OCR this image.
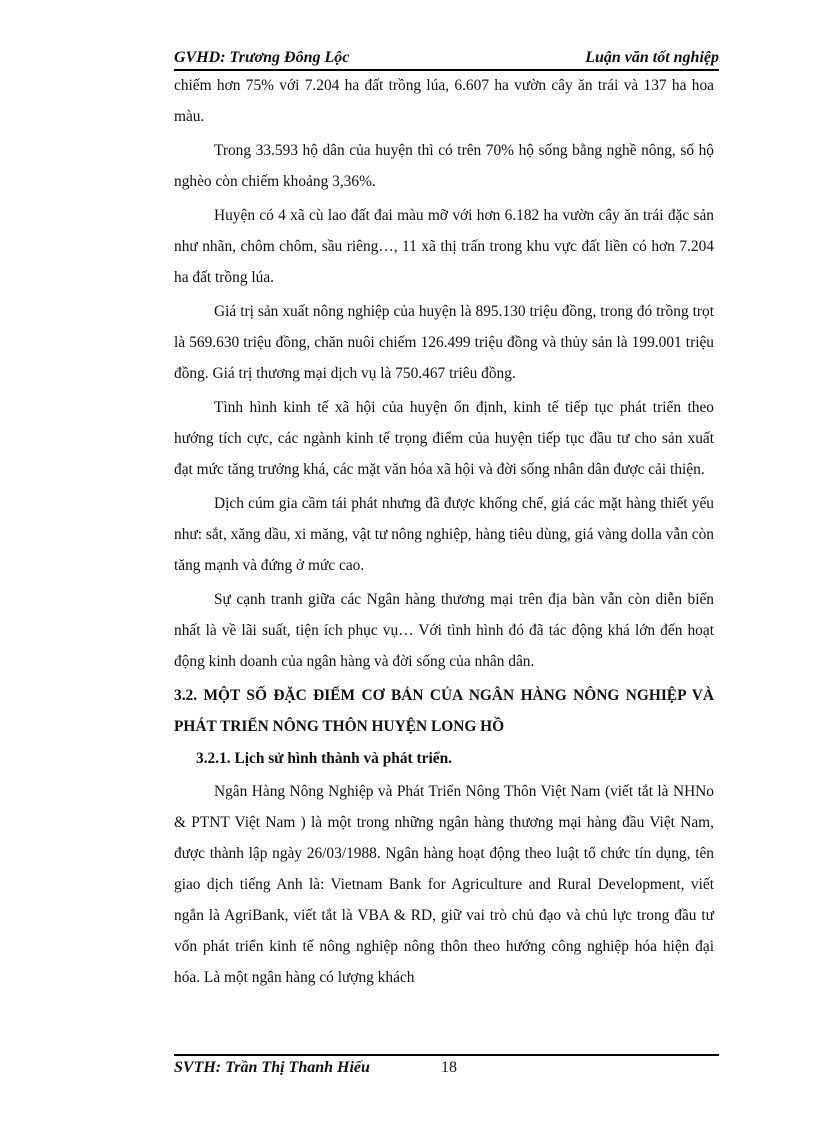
GVHD: Trương Đông Lộc	Luận văn tốt nghiệp

chiếm hơn 75% với 7.204 ha đất trồng lúa, 6.607 ha vườn cây ăn trái và 137 ha hoa màu.

Trong 33.593 hộ dân của huyện thì có trên 70% hộ sống bằng nghề nông, số hộ nghèo còn chiếm khoảng 3,36%.

Huyện có 4 xã cù lao đất đai màu mỡ với hơn 6.182 ha vườn cây ăn trái đặc sản như nhãn, chôm chôm, sầu riêng…, 11 xã thị trấn trong khu vực đất liền có hơn 7.204 ha đất trồng lúa.

Giá trị sản xuất nông nghiệp của huyện là 895.130 triệu đồng, trong đó trồng trọt là 569.630 triệu đồng, chăn nuôi chiếm 126.499 triệu đồng và thủy sản là 199.001 triệu đồng. Giá trị thương mại dịch vụ là 750.467 triêu đồng.

Tình hình kinh tế xã hội của huyện ổn định, kinh tế tiếp tục phát triển theo hướng tích cực, các ngành kinh tế trọng điểm của huyện tiếp tục đầu tư cho sản xuất đạt mức tăng trưởng khá, các mặt văn hóa xã hội và đời sống nhân dân được cải thiện.

Dịch cúm gia cầm tái phát nhưng đã được khống chế, giá các mặt hàng thiết yếu như: sắt, xăng dầu, xi măng, vật tư nông nghiệp, hàng tiêu dùng, giá vàng dolla vẫn còn tăng mạnh và đứng ở mức cao.

Sự cạnh tranh giữa các Ngân hàng thương mại trên địa bàn vẫn còn diễn biến nhất là về lãi suất, tiện ích phục vụ… Với tình hình đó đã tác động khá lớn đến hoạt động kinh doanh của ngân hàng và đời sống của nhân dân.

3.2. MỘT SỐ ĐẶC ĐIỂM CƠ BẢN CỦA NGÂN HÀNG NÔNG NGHIỆP VÀ PHÁT TRIỂN NÔNG THÔN HUYỆN LONG HỒ
3.2.1. Lịch sử hình thành và phát triển.

Ngân Hàng Nông Nghiệp và Phát Triển Nông Thôn Việt Nam (viết tắt là NHNo & PTNT Việt Nam ) là một trong những ngân hàng thương mại hàng đầu Việt Nam, được thành lập ngày 26/03/1988. Ngân hàng hoạt động theo luật tổ chức tín dụng, tên giao dịch tiếng Anh là: Vietnam Bank for Agriculture and Rural Development, viết ngắn là AgriBank, viết tắt là VBA & RD, giữ vai trò chủ đạo và chủ lực trong đầu tư vốn phát triển kinh tế nông nghiệp nông thôn theo hướng công nghiệp hóa hiện đại hóa. Là một ngân hàng có lượng khách

SVTH: Trần Thị Thanh Hiếu	18
